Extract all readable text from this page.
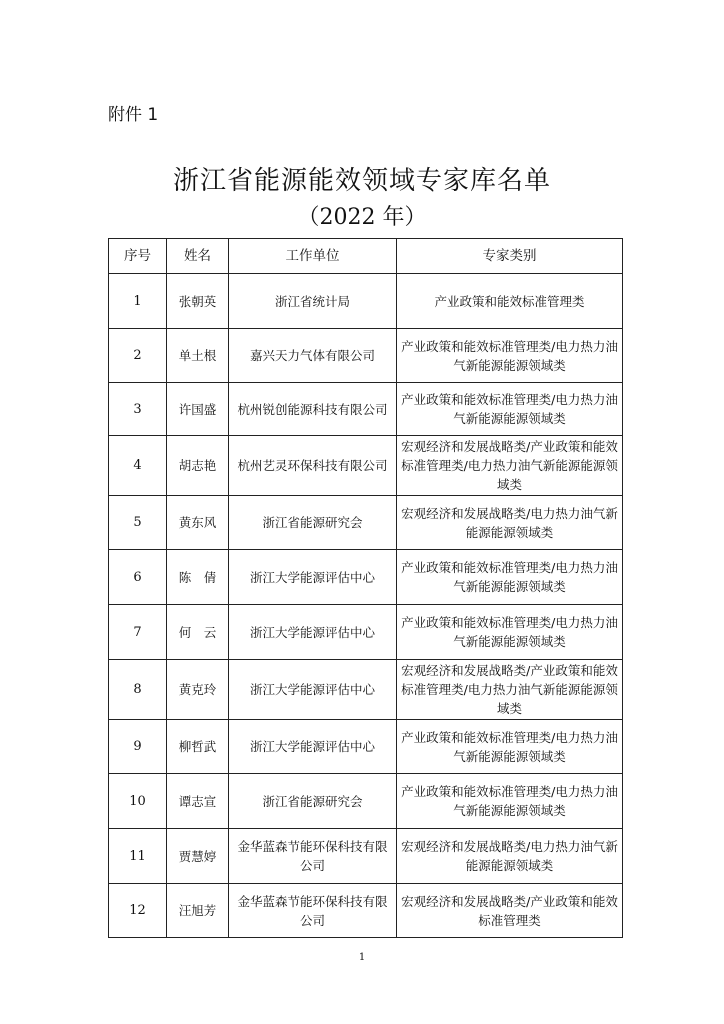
附件 1
浙江省能源能效领域专家库名单
（2022 年）
序号	姓名	工作单位	专家类别
1	张朝英	浙江省统计局	产业政策和能效标准管理类
2	单土根	嘉兴天力气体有限公司	产业政策和能效标准管理类/电力热力油气新能源能源领域类
3	许国盛	杭州锐创能源科技有限公司	产业政策和能效标准管理类/电力热力油气新能源能源领域类
4	胡志艳	杭州艺灵环保科技有限公司	宏观经济和发展战略类/产业政策和能效标准管理类/电力热力油气新能源能源领域类
5	黄东风	浙江省能源研究会	宏观经济和发展战略类/电力热力油气新能源能源领域类
6	陈　倩	浙江大学能源评估中心	产业政策和能效标准管理类/电力热力油气新能源能源领域类
7	何　云	浙江大学能源评估中心	产业政策和能效标准管理类/电力热力油气新能源能源领域类
8	黄克玲	浙江大学能源评估中心	宏观经济和发展战略类/产业政策和能效标准管理类/电力热力油气新能源能源领域类
9	柳哲武	浙江大学能源评估中心	产业政策和能效标准管理类/电力热力油气新能源能源领域类
10	谭志宣	浙江省能源研究会	产业政策和能效标准管理类/电力热力油气新能源能源领域类
11	贾慧婷	金华蓝森节能环保科技有限公司	宏观经济和发展战略类/电力热力油气新能源能源领域类
12	汪旭芳	金华蓝森节能环保科技有限公司	宏观经济和发展战略类/产业政策和能效标准管理类
1
